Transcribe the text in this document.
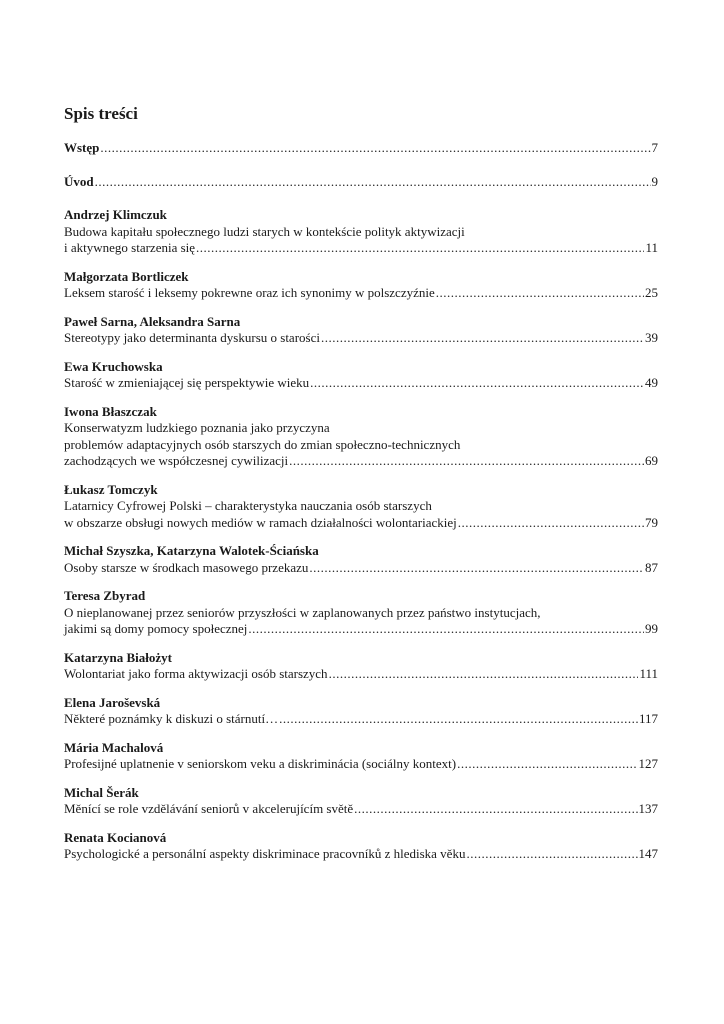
Spis treści
Wstęp .....	7
Úvod .....	9
Andrzej Klimczuk
Budowa kapitału społecznego ludzi starych w kontekście polityk aktywizacji
i aktywnego starzenia się .....	11
Małgorzata Bortliczek
Leksem starość i leksemy pokrewne oraz ich synonimy w polszczyźnie .....	25
Paweł Sarna, Aleksandra Sarna
Stereotypy jako determinanta dyskursu o starości .....	39
Ewa Kruchowska
Starość w zmieniającej się perspektywie wieku .....	49
Iwona Błaszczak
Konserwatyzm ludzkiego poznania jako przyczyna
problemów adaptacyjnych osób starszych do zmian społeczno-technicznych
zachodzących we współczesnej cywilizacji .....	69
Łukasz Tomczyk
Latarnicy Cyfrowej Polski – charakterystyka nauczania osób starszych
w obszarze obsługi nowych mediów w ramach działalności wolontariackiej .....	79
Michał Szyszka, Katarzyna Walotek-Ściańska
Osoby starsze w środkach masowego przekazu .....	87
Teresa Zbyrad
O nieplanowanej przez seniorów przyszłości w zaplanowanych przez państwo instytucjach,
jakimi są domy pomocy społecznej .....	99
Katarzyna Białożyt
Wolontariat jako forma aktywizacji osób starszych .....	111
Elena Jaroševská
Některé poznámky k diskuzi o stárnutí… .....	117
Mária Machalová
Profesijné uplatnenie v seniorskom veku a diskriminácia (sociálny kontext) .....	127
Michal Šerák
Měnící se role vzdělávání seniorů v akcelerujícím světě .....	137
Renata Kocianová
Psychologické a personální aspekty diskriminace pracovníků z hlediska věku .....	147
